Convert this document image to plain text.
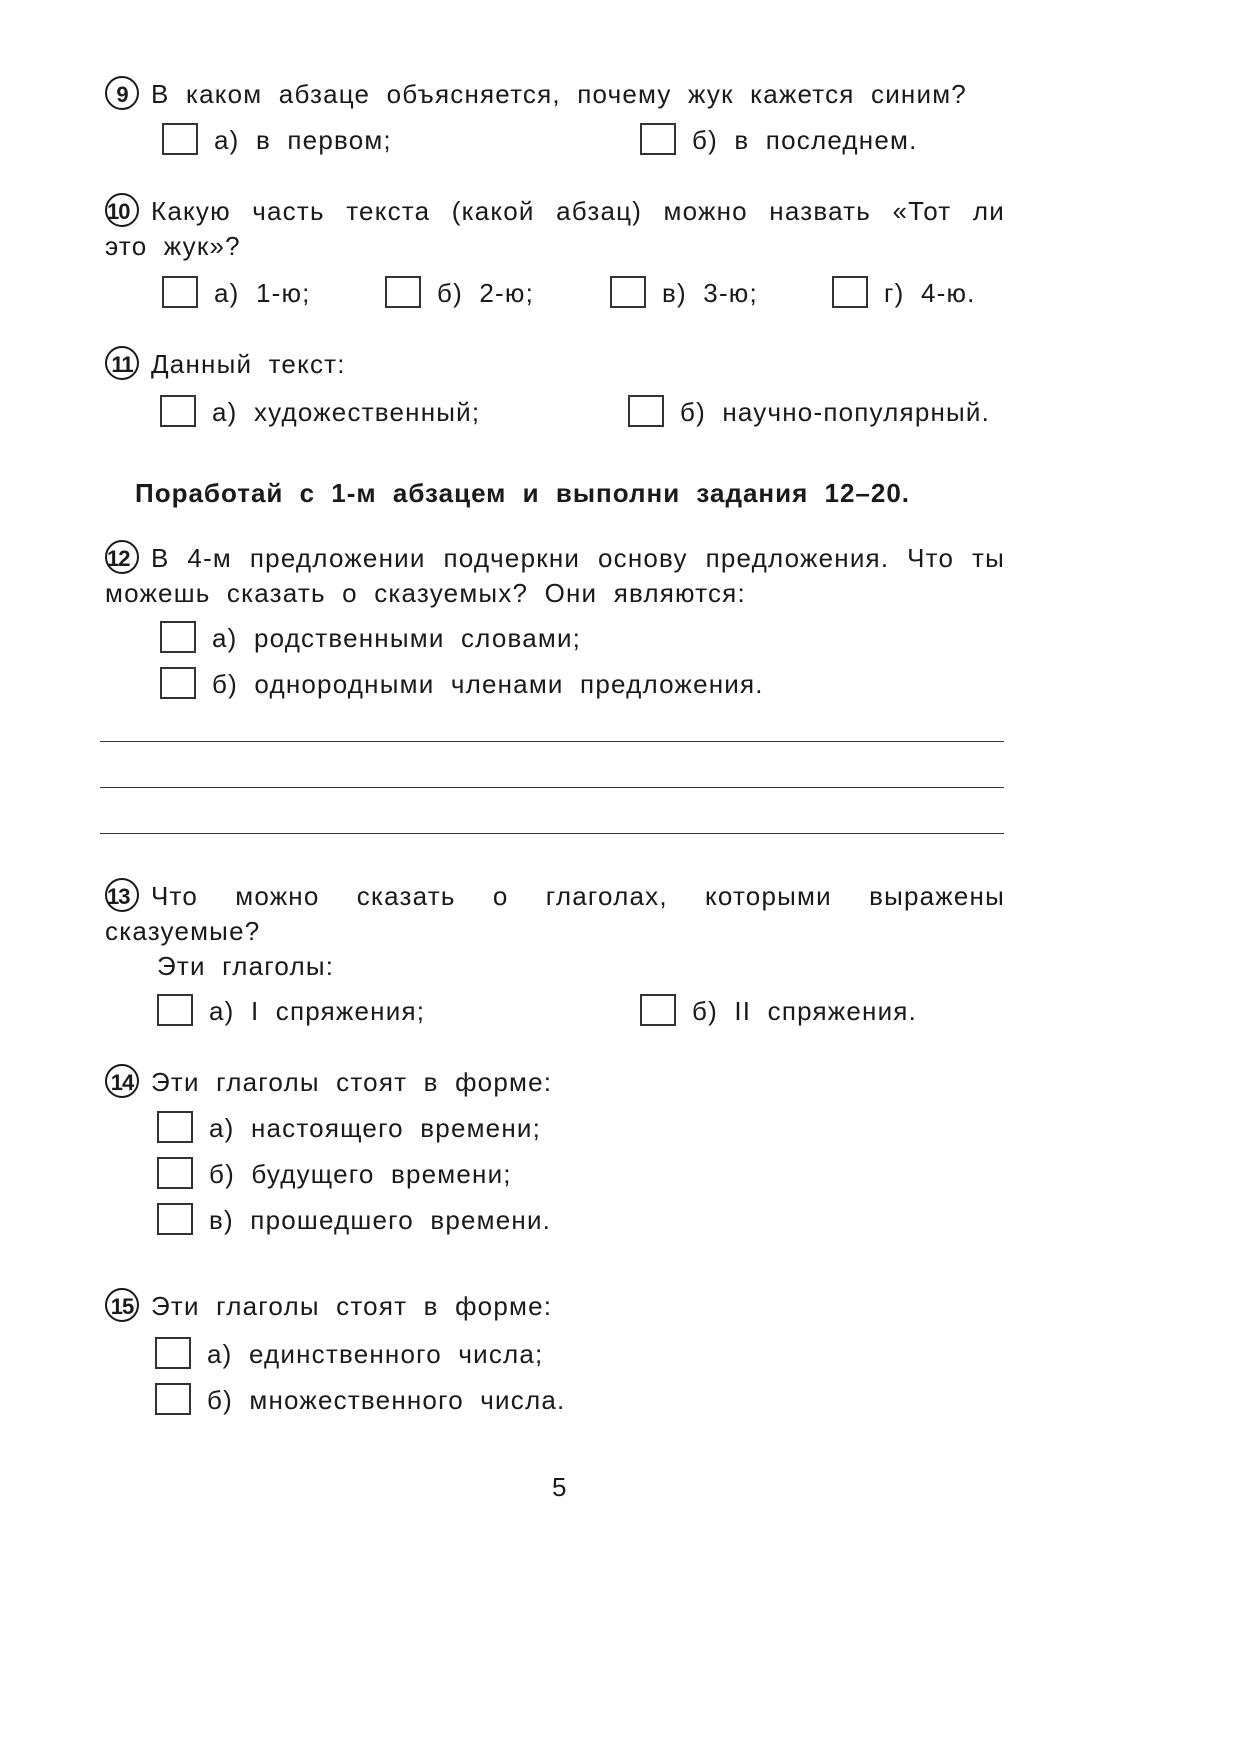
9 В каком абзаце объясняется, почему жук кажется синим?
а) в первом;	б) в последнем.
10 Какую часть текста (какой абзац) можно назвать «Тот ли это жук»?
а) 1-ю;	б) 2-ю;	в) 3-ю;	г) 4-ю.
11 Данный текст:
а) художественный;	б) научно-популярный.
Поработай с 1-м абзацем и выполни задания 12–20.
12 В 4-м предложении подчеркни основу предложения. Что ты можешь сказать о сказуемых? Они являются:
а) родственными словами;
б) однородными членами предложения.
13 Что можно сказать о глаголах, которыми выражены сказуемые?
Эти глаголы:
а) I спряжения;	б) II спряжения.
14 Эти глаголы стоят в форме:
а) настоящего времени;
б) будущего времени;
в) прошедшего времени.
15 Эти глаголы стоят в форме:
а) единственного числа;
б) множественного числа.
5
